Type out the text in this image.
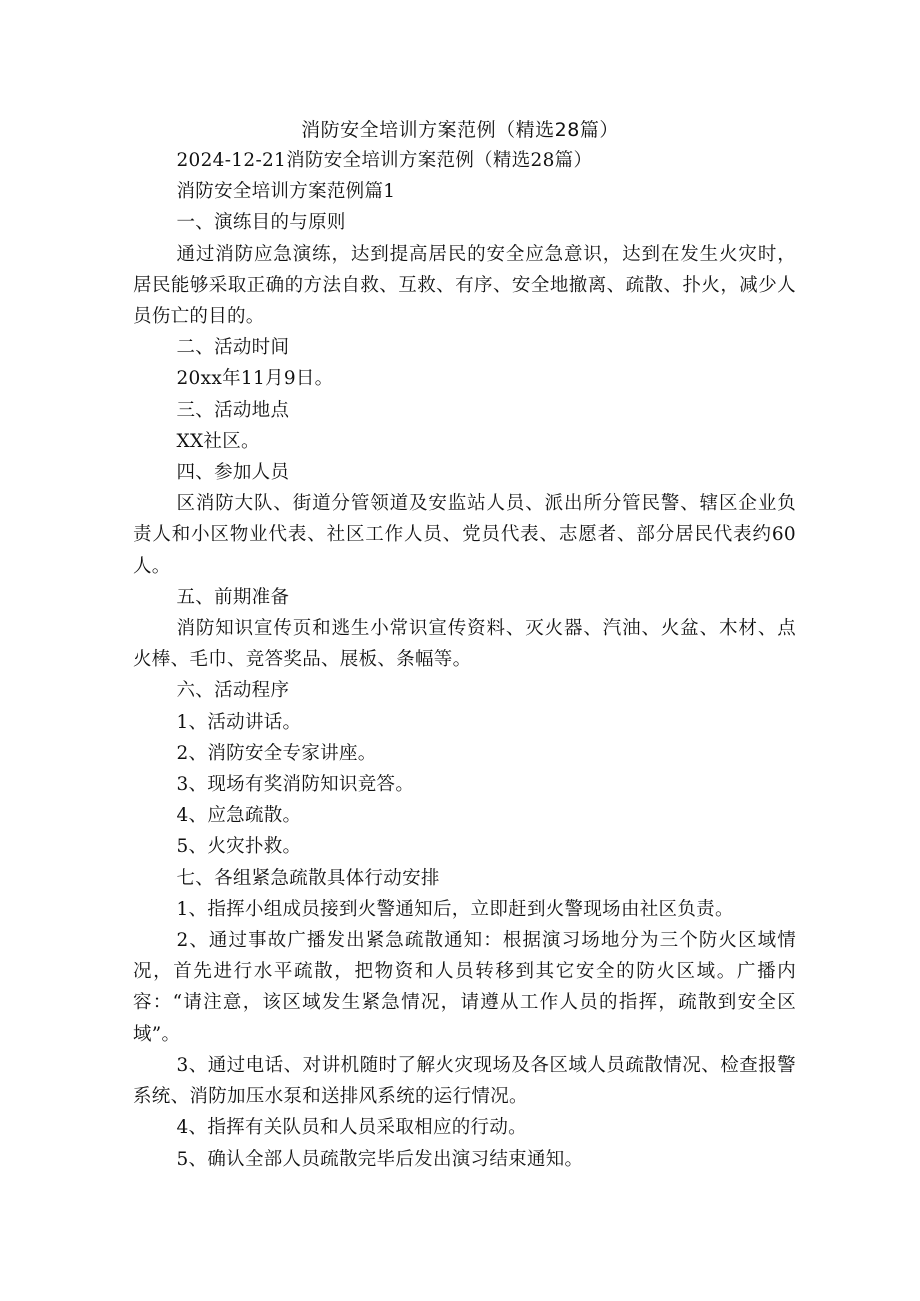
消防安全培训方案范例（精选28篇）

2024-12-21消防安全培训方案范例（精选28篇）

消防安全培训方案范例篇1

一、演练目的与原则

通过消防应急演练，达到提高居民的安全应急意识，达到在发生火灾时，居民能够采取正确的方法自救、互救、有序、安全地撤离、疏散、扑火，减少人员伤亡的目的。

二、活动时间

20xx年11月9日。

三、活动地点

XX社区。

四、参加人员

区消防大队、街道分管领道及安监站人员、派出所分管民警、辖区企业负责人和小区物业代表、社区工作人员、党员代表、志愿者、部分居民代表约60人。

五、前期准备

消防知识宣传页和逃生小常识宣传资料、灭火器、汽油、火盆、木材、点火棒、毛巾、竞答奖品、展板、条幅等。

六、活动程序

1、活动讲话。

2、消防安全专家讲座。

3、现场有奖消防知识竞答。

4、应急疏散。

5、火灾扑救。

七、各组紧急疏散具体行动安排

1、指挥小组成员接到火警通知后，立即赶到火警现场由社区负责。

2、通过事故广播发出紧急疏散通知：根据演习场地分为三个防火区域情况，首先进行水平疏散，把物资和人员转移到其它安全的防火区域。广播内容：“请注意，该区域发生紧急情况，请遵从工作人员的指挥，疏散到安全区域”。

3、通过电话、对讲机随时了解火灾现场及各区域人员疏散情况、检查报警系统、消防加压水泵和送排风系统的运行情况。

4、指挥有关队员和人员采取相应的行动。

5、确认全部人员疏散完毕后发出演习结束通知。
